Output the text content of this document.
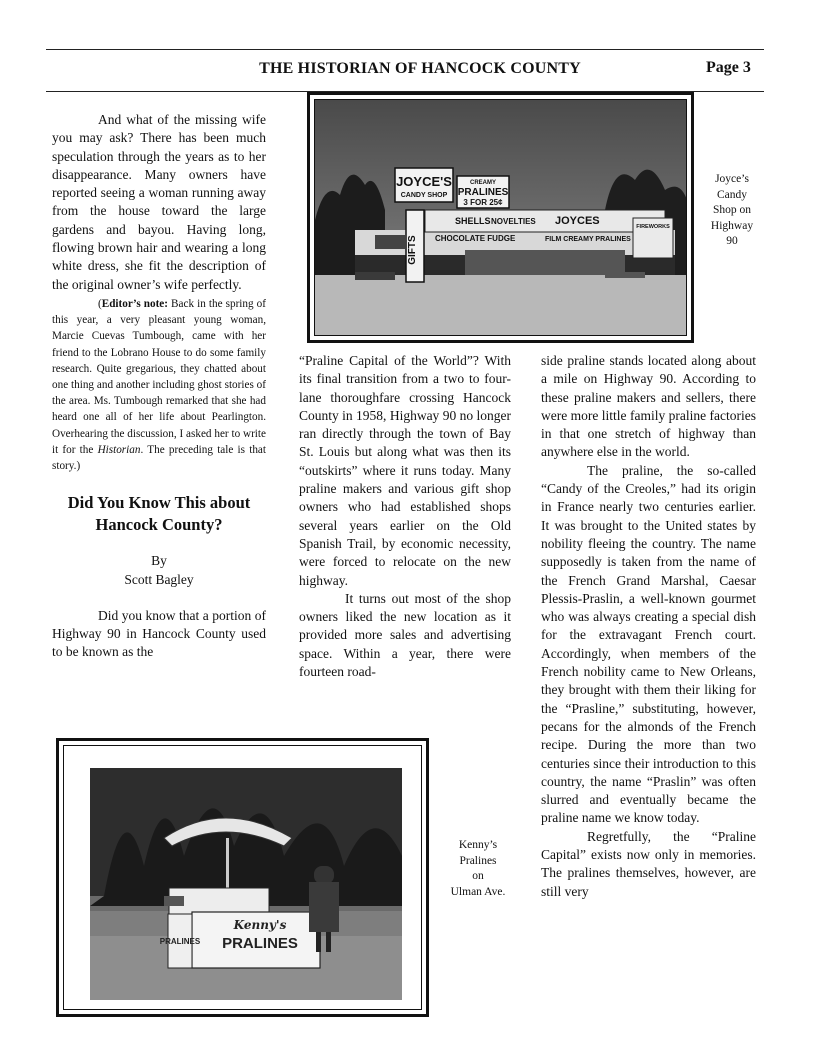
THE HISTORIAN OF HANCOCK COUNTY	Page 3

And what of the missing wife you may ask? There has been much speculation through the years as to her disappearance. Many owners have reported seeing a woman running away from the house toward the large gardens and bayou. Having long, flowing brown hair and wearing a long white dress, she fit the description of the original owner’s wife perfectly.

(Editor’s note: Back in the spring of this year, a very pleasant young woman, Marcie Cuevas Tumbough, came with her friend to the Lobrano House to do some family research. Quite gregarious, they chatted about one thing and another including ghost stories of the area. Ms. Tumbough remarked that she had heard one all of her life about Pearlington. Overhearing the discussion, I asked her to write it for the Historian. The preceding tale is that story.)

Did You Know This about
Hancock County?
By
Scott Bagley

Did you know that a portion of Highway 90 in Hancock County used to be known as the

“Praline Capital of the World”? With its final transition from a two to four-lane thoroughfare crossing Hancock County in 1958, Highway 90 no longer ran directly through the town of Bay St. Louis but along what was then its “outskirts” where it runs today. Many praline makers and various gift shop owners who had established shops several years earlier on the Old Spanish Trail, by economic necessity, were forced to relocate on the new highway.

It turns out most of the shop owners liked the new location as it provided more sales and advertising space. Within a year, there were fourteen road-

side praline stands located along about a mile on Highway 90. According to these praline makers and sellers, there were more little family praline factories in that one stretch of highway than anywhere else in the world.

The praline, the so-called “Candy of the Creoles,” had its origin in France nearly two centuries earlier. It was brought to the United states by nobility fleeing the country. The name supposedly is taken from the name of the French Grand Marshal, Caesar Plessis-Praslin, a well-known gourmet who was always creating a special dish for the extravagant French court. Accordingly, when members of the French nobility came to New Orleans, they brought with them their liking for the “Prasline,” substituting, however, pecans for the almonds of the French recipe. During the more than two centuries since their introduction to this country, the name “Praslin” was often slurred and eventually became the praline name we know today.

Regretfully, the “Praline Capital” exists now only in memories. The pralines themselves, however, are still very

JOYCE'S
CANDY SHOP
CREAMY
PRALINES
3 FOR 25¢
GIFTS
SHELLS NOVELTIES
CHOCOLATE FUDGE
JOYCES
FILM CREAMY PRALINES
FIREWORKS
Joyce’s
Candy
Shop on
Highway
90
Kenny's
PRALINES
PRALINES
Kenny’s
Pralines
on
Ulman Ave.
